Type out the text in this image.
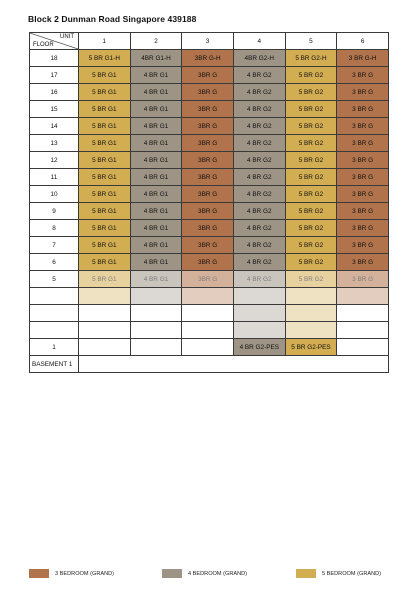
Block 2 Dunman Road Singapore 439188
UNIT
FLOOR	1	2	3	4	5	6
18	5 BR G1-H	4BR G1-H	3BR G-H	4BR G2-H	5 BR G2-H	3 BR G-H
17	5 BR G1	4 BR G1	3BR G	4 BR G2	5 BR G2	3 BR G
16	5 BR G1	4 BR G1	3BR G	4 BR G2	5 BR G2	3 BR G
15	5 BR G1	4 BR G1	3BR G	4 BR G2	5 BR G2	3 BR G
14	5 BR G1	4 BR G1	3BR G	4 BR G2	5 BR G2	3 BR G
13	5 BR G1	4 BR G1	3BR G	4 BR G2	5 BR G2	3 BR G
12	5 BR G1	4 BR G1	3BR G	4 BR G2	5 BR G2	3 BR G
11	5 BR G1	4 BR G1	3BR G	4 BR G2	5 BR G2	3 BR G
10	5 BR G1	4 BR G1	3BR G	4 BR G2	5 BR G2	3 BR G
9	5 BR G1	4 BR G1	3BR G	4 BR G2	5 BR G2	3 BR G
8	5 BR G1	4 BR G1	3BR G	4 BR G2	5 BR G2	3 BR G
7	5 BR G1	4 BR G1	3BR G	4 BR G2	5 BR G2	3 BR G
6	5 BR G1	4 BR G1	3BR G	4 BR G2	5 BR G2	3 BR G
5	5 BR G1	4 BR G1	3BR G	4 BR G2	5 BR G2	3 BR G

1				4 BR G2-PES	5 BR G2-PES	
BASEMENT 1						
3 BEDROOM (GRAND)	4 BEDROOM (GRAND)	5 BEDROOM (GRAND)
